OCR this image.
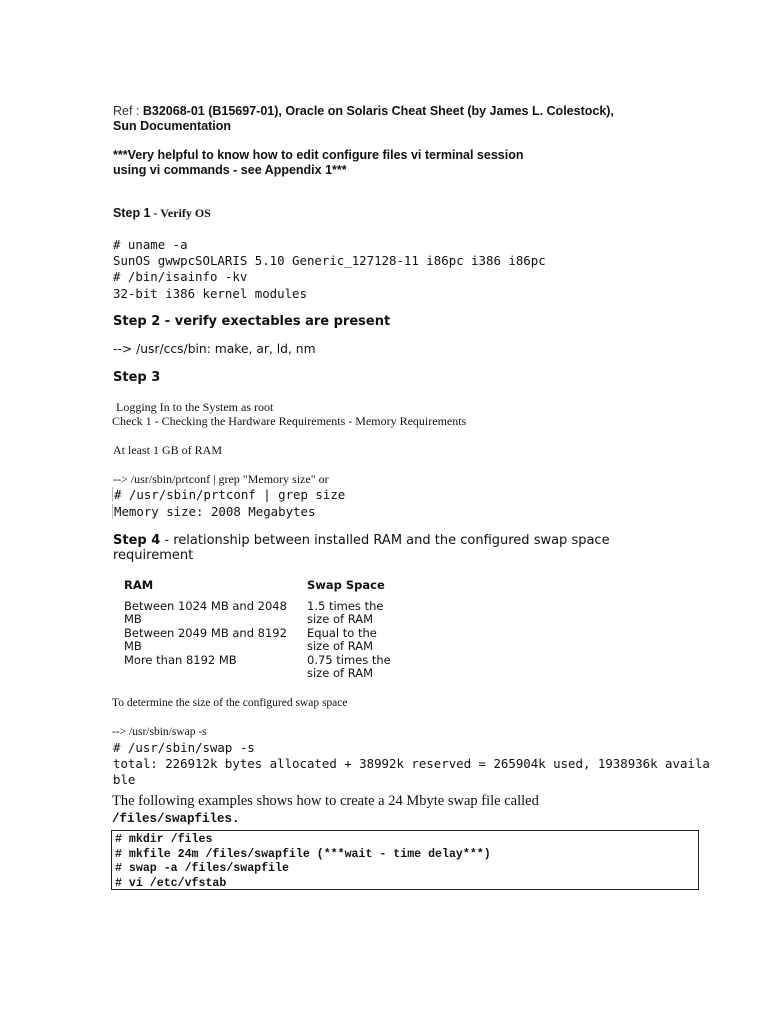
Ref : B32068-01 (B15697-01), Oracle on Solaris Cheat Sheet (by James L. Colestock),
Sun Documentation
***Very helpful to know how to edit configure files vi terminal session
using vi commands - see Appendix 1***
Step 1 - Verify OS
# uname -a
SunOS gwwpcSOLARIS 5.10 Generic_127128-11 i86pc i386 i86pc
# /bin/isainfo -kv
32-bit i386 kernel modules
Step 2 - verify exectables are present
--> /usr/ccs/bin: make, ar, ld, nm
Step 3
Logging In to the System as root
Check 1 - Checking the Hardware Requirements - Memory Requirements
At least 1 GB of RAM
--> /usr/sbin/prtconf | grep "Memory size" or
# /usr/sbin/prtconf | grep size
Memory size: 2008 Megabytes
Step 4 - relationship between installed RAM and the configured swap space
requirement
RAM	Swap Space
Between 1024 MB and 2048 MB
1.5 times the size of RAM
Between 2049 MB and 8192 MB
Equal to the size of RAM
More than 8192 MB	0.75 times the size of RAM
To determine the size of the configured swap space
--> /usr/sbin/swap -s
# /usr/sbin/swap -s
total: 226912k bytes allocated + 38992k reserved = 265904k used, 1938936k availa
ble
The following examples shows how to create a 24 Mbyte swap file called
/files/swapfiles.
# mkdir /files
# mkfile 24m /files/swapfile (***wait - time delay***)
# swap -a /files/swapfile
# vi /etc/vfstab
